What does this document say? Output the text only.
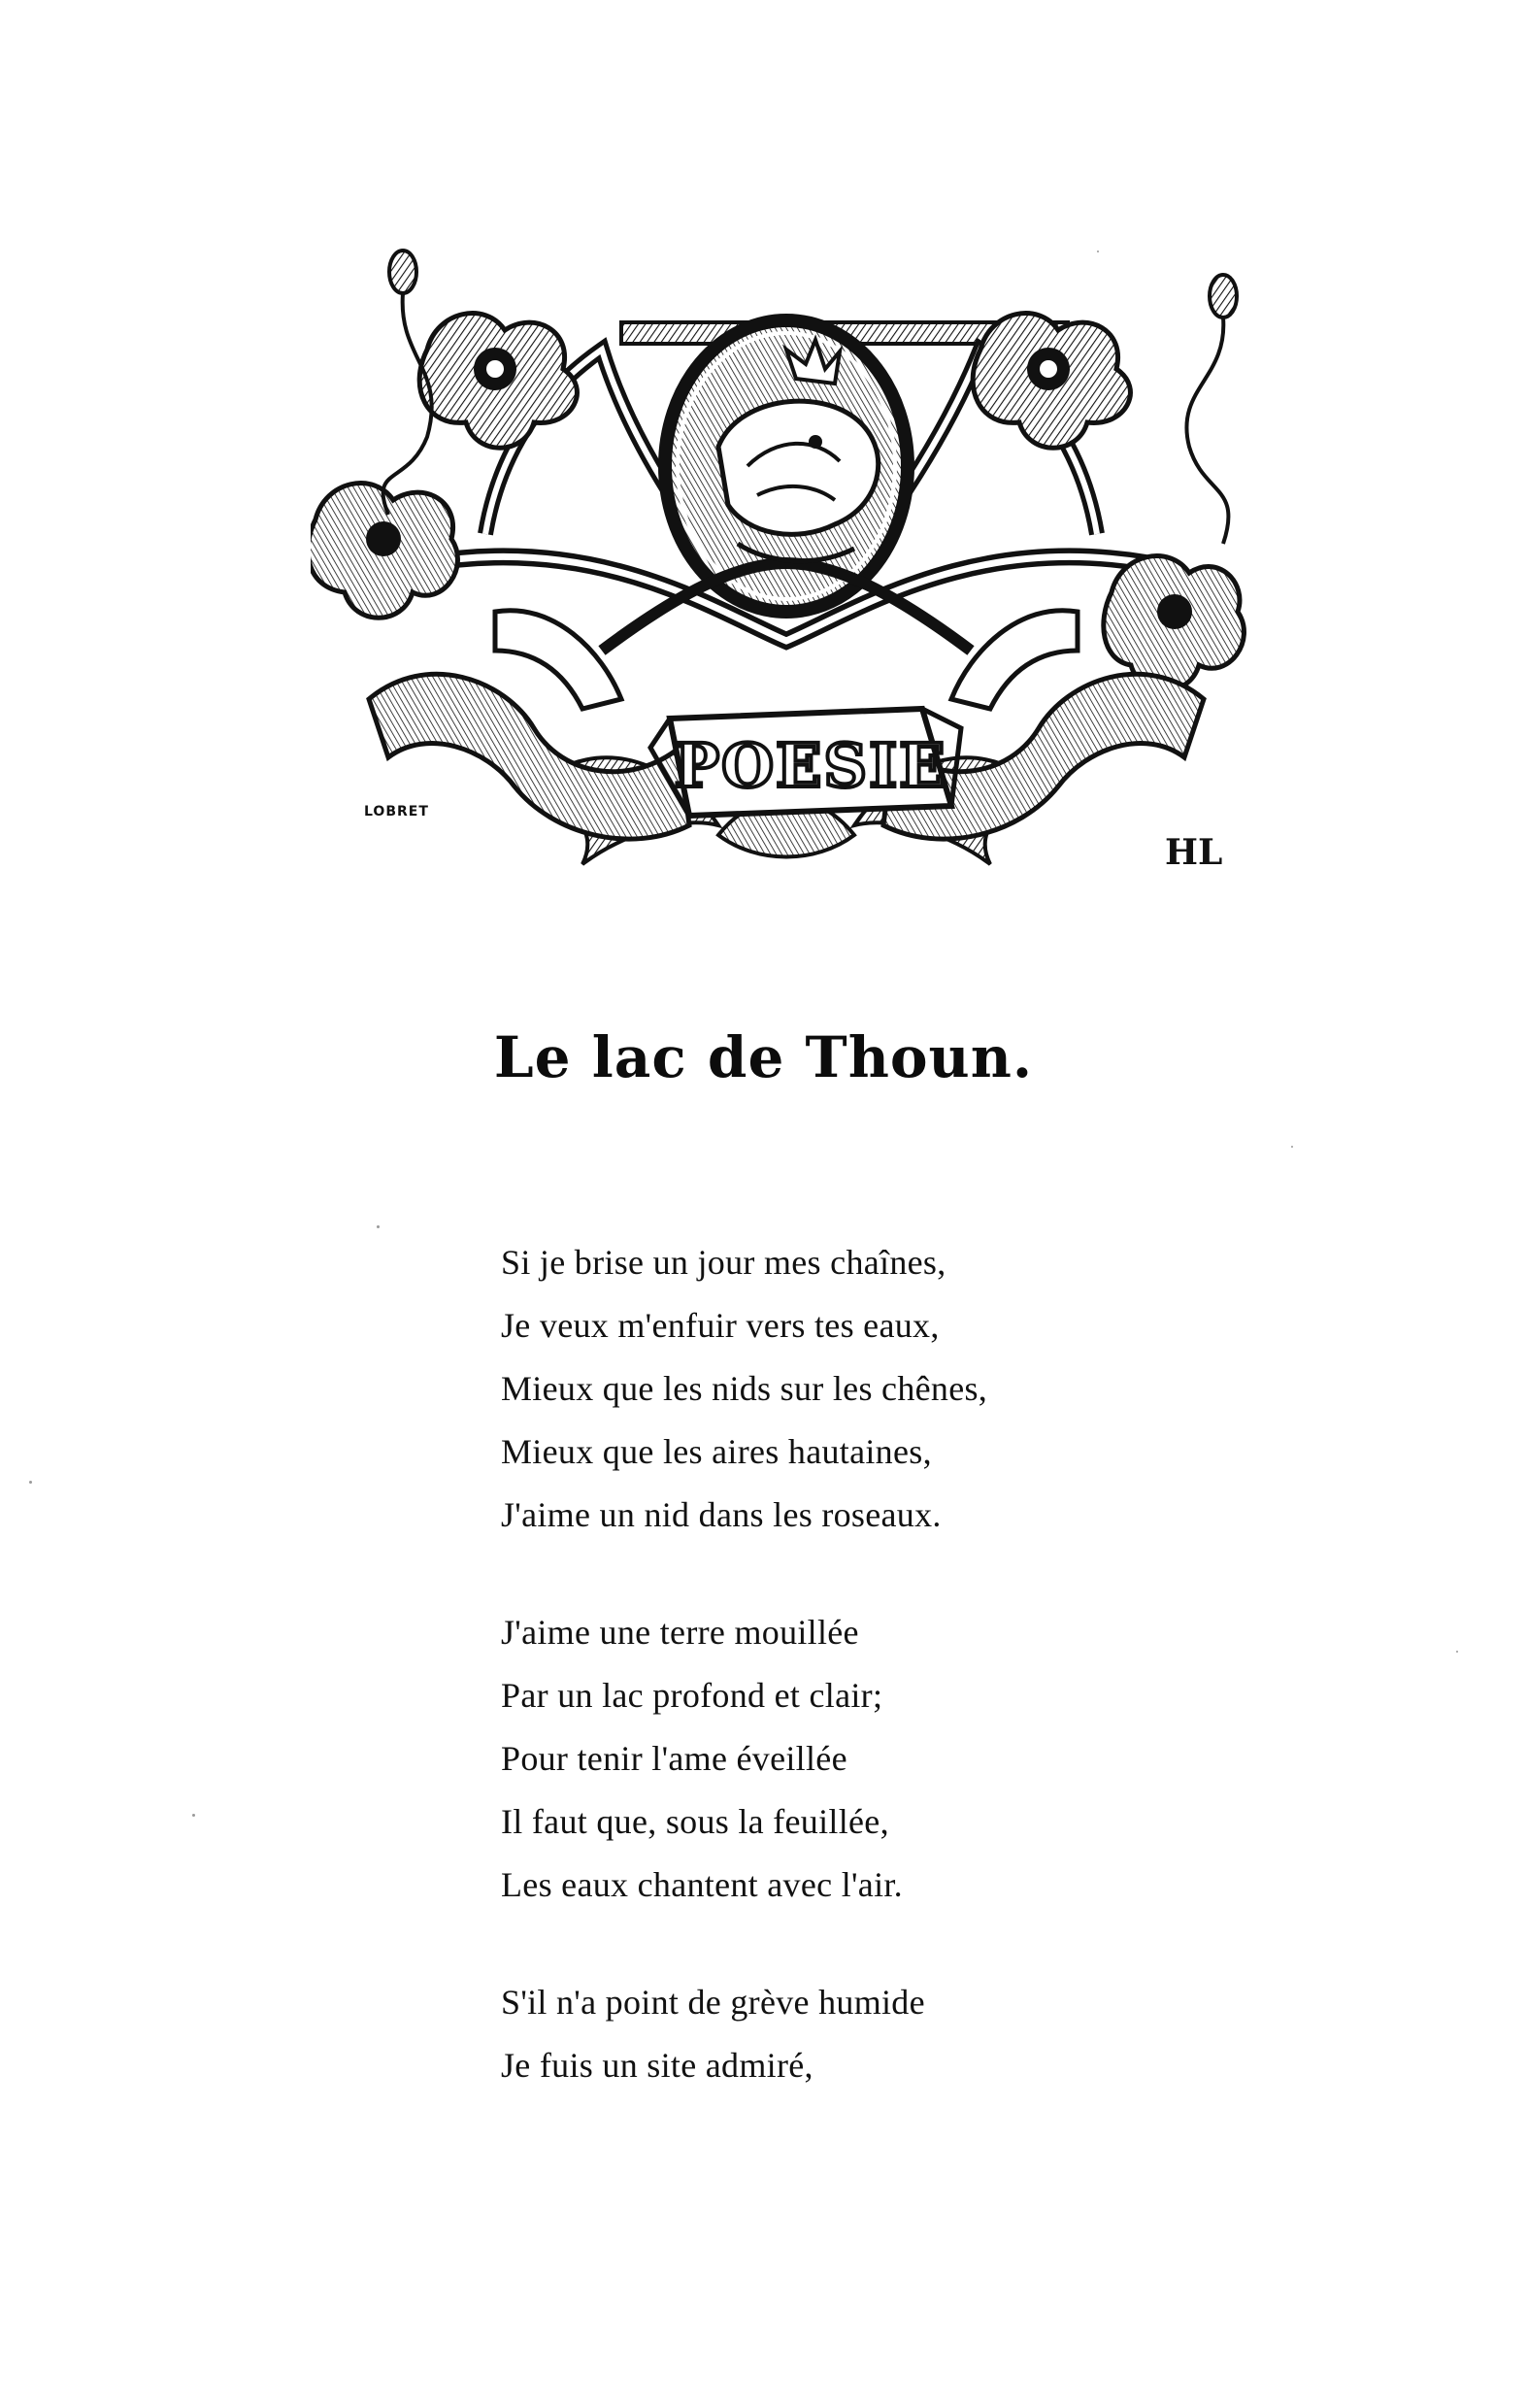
POESIE
LOBRET
HL
Le lac de Thoun.
Si je brise un jour mes chaînes,
Je veux m'enfuir vers tes eaux,
Mieux que les nids sur les chênes,
Mieux que les aires hautaines,
J'aime un nid dans les roseaux.
J'aime une terre mouillée
Par un lac profond et clair;
Pour tenir l'ame éveillée
Il faut que, sous la feuillée,
Les eaux chantent avec l'air.
S'il n'a point de grève humide
Je fuis un site admiré,
